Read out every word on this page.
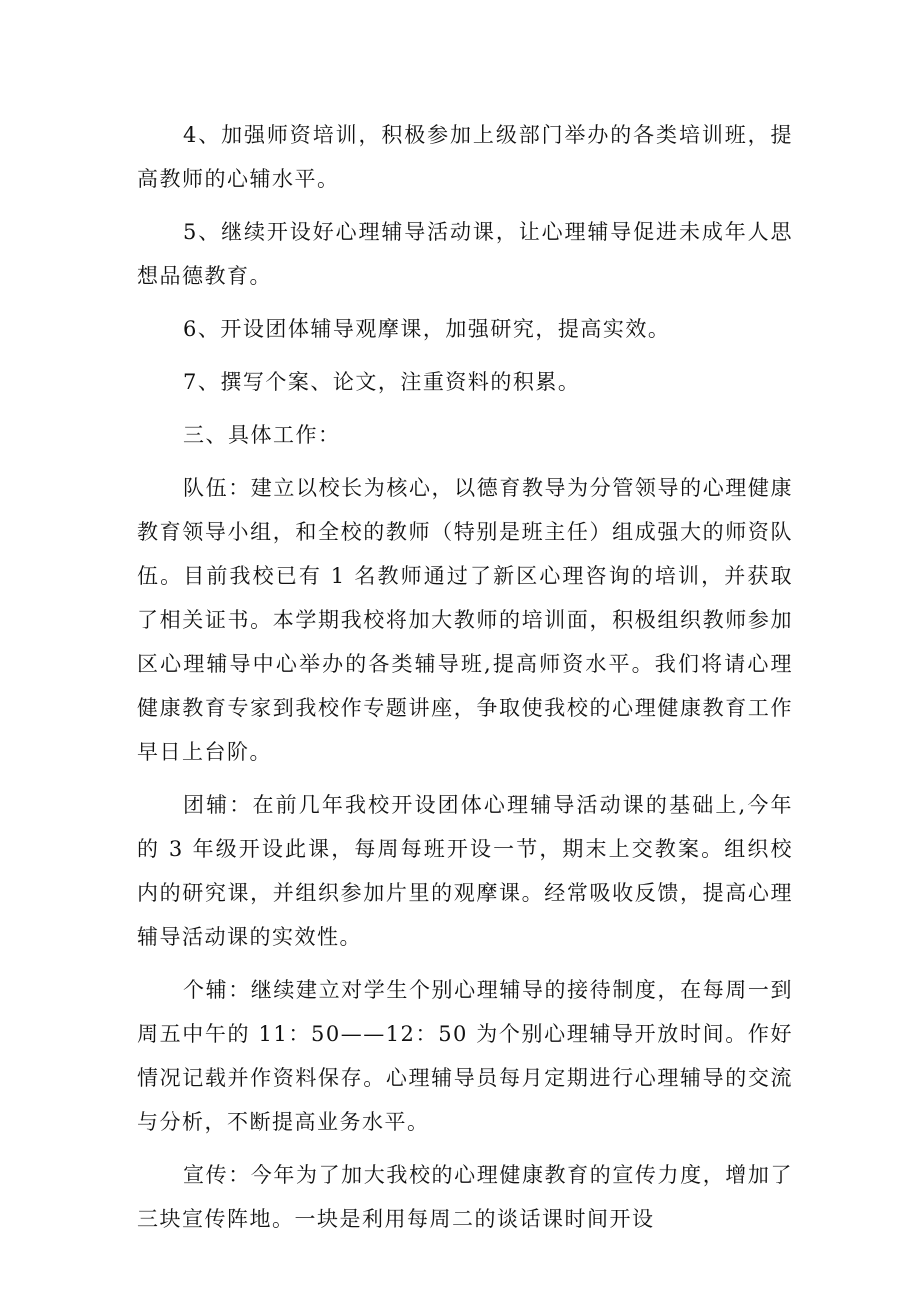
4、加强师资培训，积极参加上级部门举办的各类培训班，提高教师的心辅水平。

5、继续开设好心理辅导活动课，让心理辅导促进未成年人思想品德教育。

6、开设团体辅导观摩课，加强研究，提高实效。

7、撰写个案、论文，注重资料的积累。

三、具体工作：

队伍：建立以校长为核心，以德育教导为分管领导的心理健康教育领导小组，和全校的教师（特别是班主任）组成强大的师资队伍。目前我校已有 1 名教师通过了新区心理咨询的培训，并获取了相关证书。本学期我校将加大教师的培训面，积极组织教师参加区心理辅导中心举办的各类辅导班,提高师资水平。我们将请心理健康教育专家到我校作专题讲座，争取使我校的心理健康教育工作早日上台阶。

团辅：在前几年我校开设团体心理辅导活动课的基础上,今年的 3 年级开设此课，每周每班开设一节，期末上交教案。组织校内的研究课，并组织参加片里的观摩课。经常吸收反馈，提高心理辅导活动课的实效性。

个辅：继续建立对学生个别心理辅导的接待制度，在每周一到周五中午的 11：50——12：50 为个别心理辅导开放时间。作好情况记载并作资料保存。心理辅导员每月定期进行心理辅导的交流与分析，不断提高业务水平。

宣传：今年为了加大我校的心理健康教育的宣传力度，增加了三块宣传阵地。一块是利用每周二的谈话课时间开设
